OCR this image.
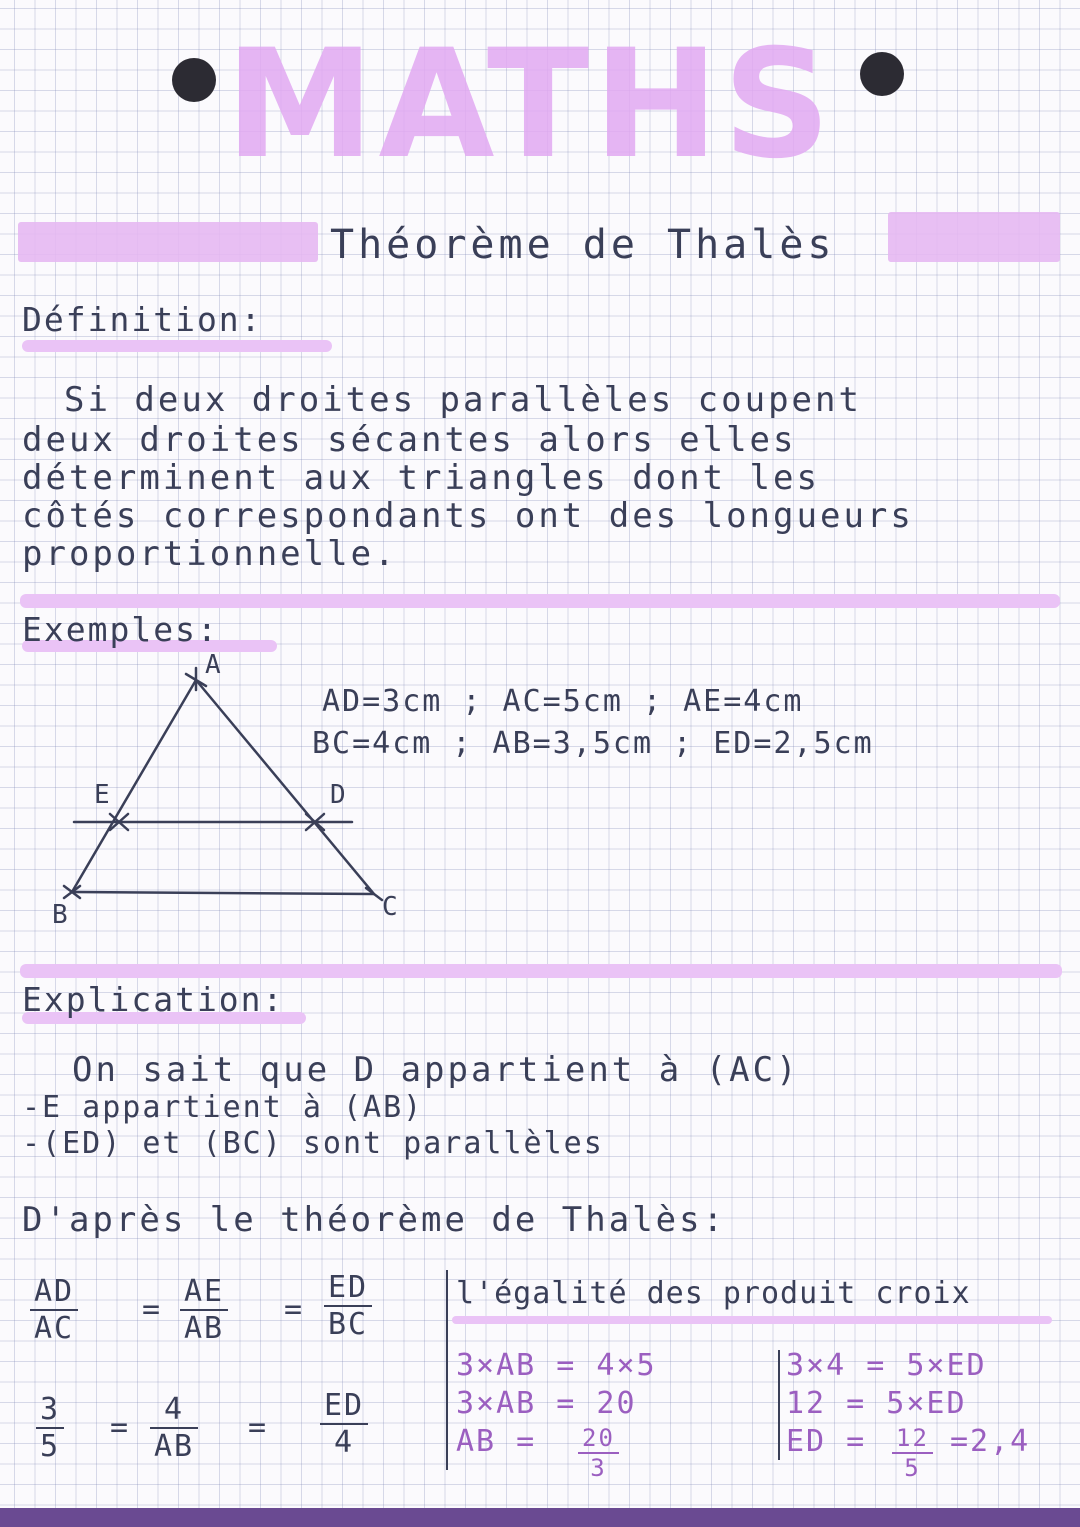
MATHS
Théorème de Thalès
Définition:
Si deux droites parallèles coupent
deux droites sécantes alors elles
déterminent aux triangles dont les
côtés correspondants ont des longueurs
proportionnelle.
Exemples:
AD=3cm ; AC=5cm ; AE=4cm
BC=4cm ; AB=3,5cm ; ED=2,5cm
A
B	C
D
E
Explication:
On sait que D appartient à (AC)
-E appartient à (AB)
-(ED) et (BC) sont parallèles
D'après le théorème de Thalès:
$\frac{AD}{AC} = \frac{AE}{AB} = \frac{ED}{BC}$
$\frac{3}{5} = \frac{4}{AB} = \frac{ED}{4}$
l'égalité des produit croix
3×AB = 4×5
3×AB = 20
AB = $\frac{20}{3}$
3×4 = 5×ED
12 = 5×ED
ED = $\frac{12}{5} =2,4$
